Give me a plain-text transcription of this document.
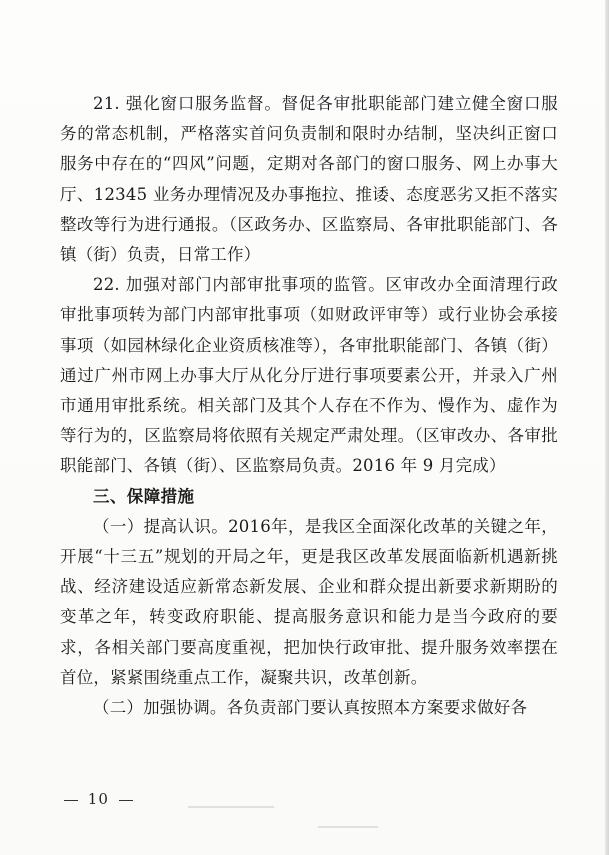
21. 强化窗口服务监督。督促各审批职能部门建立健全窗口服务的常态机制，严格落实首问负责制和限时办结制，坚决纠正窗口服务中存在的“四风”问题，定期对各部门的窗口服务、网上办事大厅、12345 业务办理情况及办事拖拉、推诿、态度恶劣又拒不落实整改等行为进行通报。（区政务办、区监察局、各审批职能部门、各镇（街）负责，日常工作）

22. 加强对部门内部审批事项的监管。区审改办全面清理行政审批事项转为部门内部审批事项（如财政评审等）或行业协会承接事项（如园林绿化企业资质核准等），各审批职能部门、各镇（街）通过广州市网上办事大厅从化分厅进行事项要素公开，并录入广州市通用审批系统。相关部门及其个人存在不作为、慢作为、虚作为等行为的，区监察局将依照有关规定严肃处理。（区审改办、各审批职能部门、各镇（街）、区监察局负责。2016 年 9 月完成）

三、保障措施

（一）提高认识。2016年，是我区全面深化改革的关键之年，开展“十三五”规划的开局之年，更是我区改革发展面临新机遇新挑战、经济建设适应新常态新发展、企业和群众提出新要求新期盼的变革之年，转变政府职能、提高服务意识和能力是当今政府的要求，各相关部门要高度重视，把加快行政审批、提升服务效率摆在首位，紧紧围绕重点工作，凝聚共识，改革创新。

（二）加强协调。各负责部门要认真按照本方案要求做好各

10
